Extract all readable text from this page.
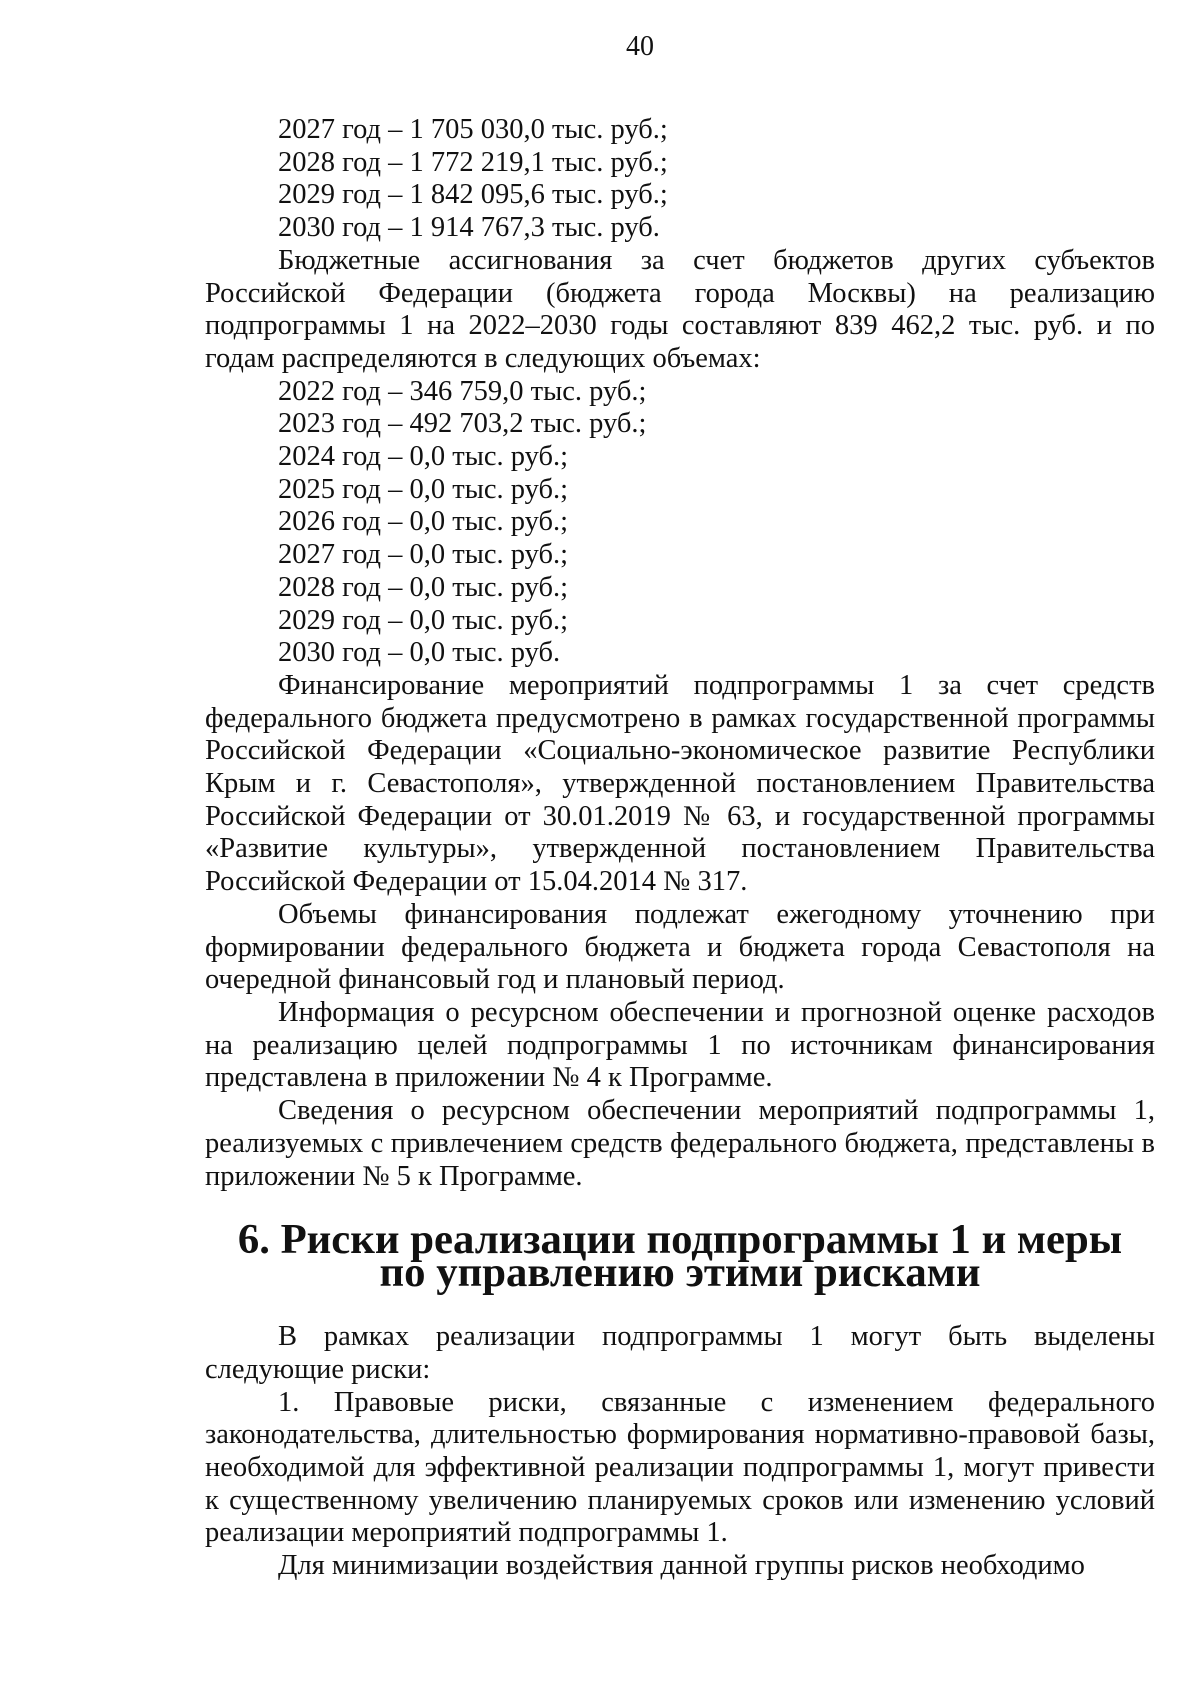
40

2027 год – 1 705 030,0 тыс. руб.;

2028 год – 1 772 219,1 тыс. руб.;

2029 год – 1 842 095,6 тыс. руб.;

2030 год – 1 914 767,3 тыс. руб.

Бюджетные ассигнования за счет бюджетов других субъектов Российской Федерации (бюджета города Москвы) на реализацию подпрограммы 1 на 2022–2030 годы составляют 839 462,2 тыс. руб. и по годам распределяются в следующих объемах:

2022 год – 346 759,0 тыс. руб.;

2023 год – 492 703,2 тыс. руб.;

2024 год – 0,0 тыс. руб.;

2025 год – 0,0 тыс. руб.;

2026 год – 0,0 тыс. руб.;

2027 год – 0,0 тыс. руб.;

2028 год – 0,0 тыс. руб.;

2029 год – 0,0 тыс. руб.;

2030 год – 0,0 тыс. руб.

Финансирование мероприятий подпрограммы 1 за счет средств федерального бюджета предусмотрено в рамках государственной программы Российской Федерации «Социально-экономическое развитие Республики Крым и г. Севастополя», утвержденной постановлением Правительства Российской Федерации от 30.01.2019 № 63, и государственной программы «Развитие культуры», утвержденной постановлением Правительства Российской Федерации от 15.04.2014 № 317.

Объемы финансирования подлежат ежегодному уточнению при формировании федерального бюджета и бюджета города Севастополя на очередной финансовый год и плановый период.

Информация о ресурсном обеспечении и прогнозной оценке расходов на реализацию целей подпрограммы 1 по источникам финансирования представлена в приложении № 4 к Программе.

Сведения о ресурсном обеспечении мероприятий подпрограммы 1, реализуемых с привлечением средств федерального бюджета, представлены в приложении № 5 к Программе.

6. Риски реализации подпрограммы 1 и меры
по управлению этими рисками

В рамках реализации подпрограммы 1 могут быть выделены следующие риски:

1. Правовые риски, связанные с изменением федерального законодательства, длительностью формирования нормативно-правовой базы, необходимой для эффективной реализации подпрограммы 1, могут привести к существенному увеличению планируемых сроков или изменению условий реализации мероприятий подпрограммы 1.

Для минимизации воздействия данной группы рисков необходимо
